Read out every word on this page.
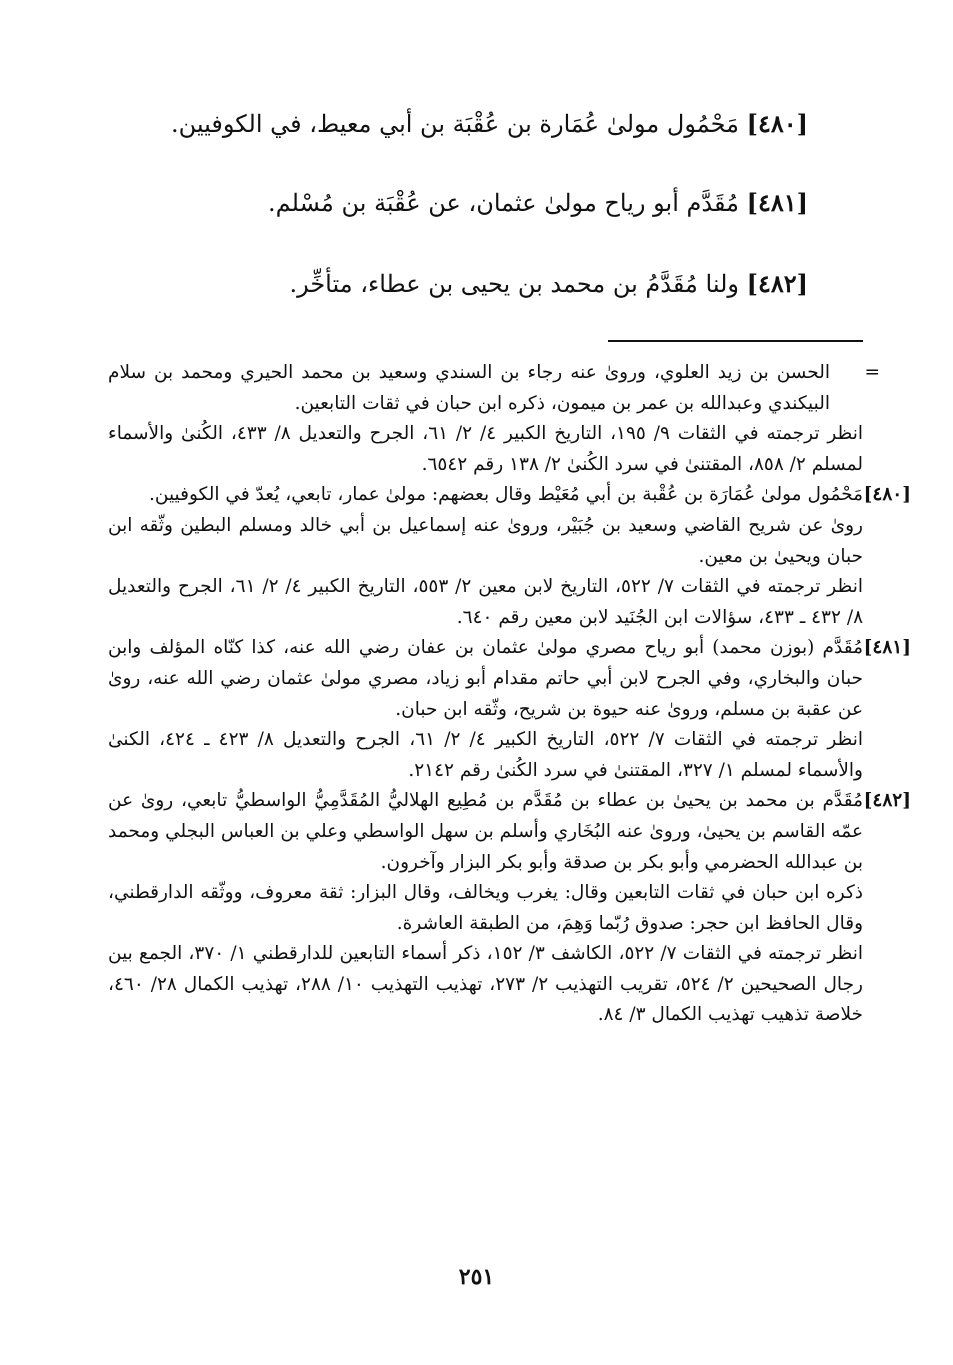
[٤٨٠] مَحْمُول مولىٰ عُمَارة بن عُقْبَة بن أبي معيط، في الكوفيين.
[٤٨١] مُقَدَّم أبو رياح مولىٰ عثمان، عن عُقْبَة بن مُسْلم.
[٤٨٢] ولنا مُقَدَّمُ بن محمد بن يحيى بن عطاء، متأخِّر.

=
الحسن بن زيد العلوي، وروىٰ عنه رجاء بن السندي وسعيد بن محمد الحيري ومحمد بن سلام البيكندي وعبدالله بن عمر بن ميمون، ذكره ابن حبان في ثقات التابعين.

انظر ترجمته في الثقات ٩/ ١٩٥، التاريخ الكبير ٤/ ٢/ ٦١، الجرح والتعديل ٨/ ٤٣٣، الكُنىٰ والأسماء لمسلم ٢/ ٨٥٨، المقتنىٰ في سرد الكُنىٰ ٢/ ١٣٨ رقم ٦٥٤٢.

[٤٨٠]
مَحْمُول مولىٰ عُمَارَة بن عُقْبة بن أبي مُعَيْط وقال بعضهم: مولىٰ عمار، تابعي، يُعدّ في الكوفيين.

روىٰ عن شريح القاضي وسعيد بن جُبَيْر، وروىٰ عنه إسماعيل بن أبي خالد ومسلم البطين وثّقه ابن حبان ويحيىٰ بن معين.

انظر ترجمته في الثقات ٧/ ٥٢٢، التاريخ لابن معين ٢/ ٥٥٣، التاريخ الكبير ٤/ ٢/ ٦١، الجرح والتعديل ٨/ ٤٣٢ ـ ٤٣٣، سؤالات ابن الجُنَيد لابن معين رقم ٦٤٠.

[٤٨١]
مُقَدَّم (بوزن محمد) أبو رياح مصري مولىٰ عثمان بن عفان رضي الله عنه، كذا كنّاه المؤلف وابن حبان والبخاري، وفي الجرح لابن أبي حاتم مقدام أبو زياد، مصري مولىٰ عثمان رضي الله عنه، روىٰ عن عقبة بن مسلم، وروىٰ عنه حيوة بن شريح، وثّقه ابن حبان.

انظر ترجمته في الثقات ٧/ ٥٢٢، التاريخ الكبير ٤/ ٢/ ٦١، الجرح والتعديل ٨/ ٤٢٣ ـ ٤٢٤، الكنىٰ والأسماء لمسلم ١/ ٣٢٧، المقتنىٰ في سرد الكُنىٰ رقم ٢١٤٢.

[٤٨٢]
مُقَدَّم بن محمد بن يحيىٰ بن عطاء بن مُقَدَّم بن مُطِيع الهلاليُّ المُقَدَّمِيُّ الواسطيُّ تابعي، روىٰ عن عمّه القاسم بن يحيىٰ، وروىٰ عنه البُخَاري وأسلم بن سهل الواسطي وعلي بن العباس البجلي ومحمد بن عبدالله الحضرمي وأبو بكر بن صدقة وأبو بكر البزار وآخرون.

ذكره ابن حبان في ثقات التابعين وقال: يغرب ويخالف، وقال البزار: ثقة معروف، ووثّقه الدارقطني، وقال الحافظ ابن حجر: صدوق رُبّما وَهِمَ، من الطبقة العاشرة.

انظر ترجمته في الثقات ٧/ ٥٢٢، الكاشف ٣/ ١٥٢، ذكر أسماء التابعين للدارقطني ١/ ٣٧٠، الجمع بين رجال الصحيحين ٢/ ٥٢٤، تقريب التهذيب ٢/ ٢٧٣، تهذيب التهذيب ١٠/ ٢٨٨، تهذيب الكمال ٢٨/ ٤٦٠، خلاصة تذهيب تهذيب الكمال ٣/ ٨٤.

٢٥١
